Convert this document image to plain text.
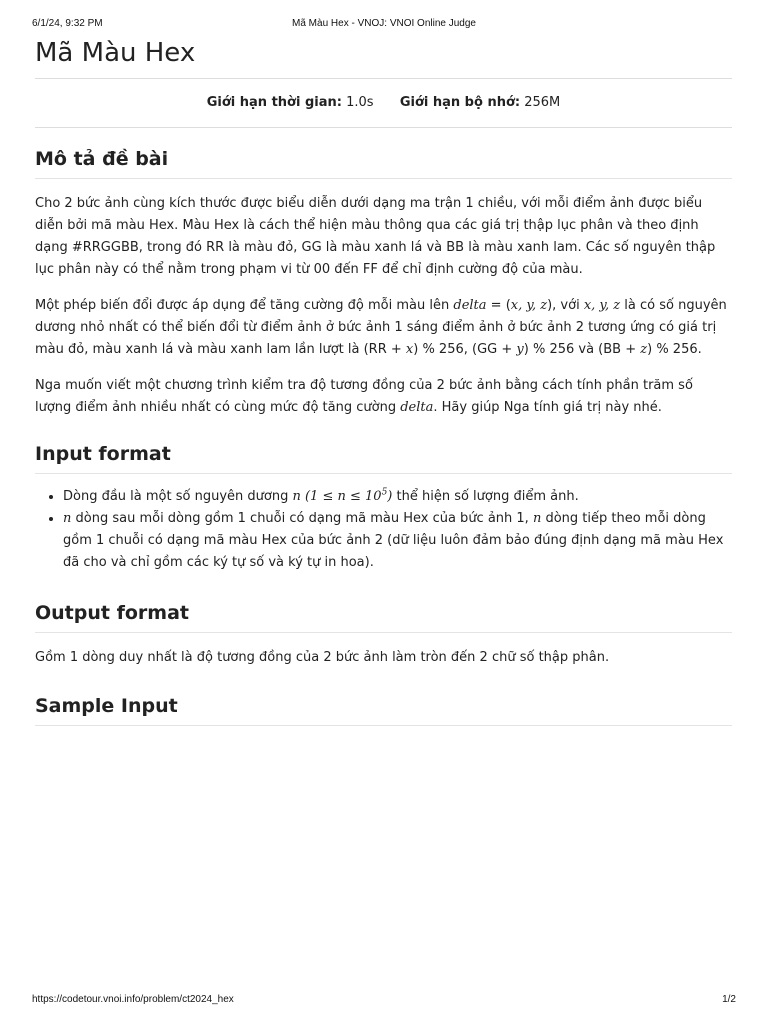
6/1/24, 9:32 PM	Mã Màu Hex - VNOJ: VNOI Online Judge
Mã Màu Hex
Giới hạn thời gian: 1.0s Giới hạn bộ nhớ: 256M
Mô tả đề bài

Cho 2 bức ảnh cùng kích thước được biểu diễn dưới dạng ma trận 1 chiều, với mỗi điểm ảnh được biểu diễn bởi mã màu Hex. Màu Hex là cách thể hiện màu thông qua các giá trị thập lục phân và theo định dạng #RRGGBB, trong đó RR là màu đỏ, GG là màu xanh lá và BB là màu xanh lam. Các số nguyên thập lục phân này có thể nằm trong phạm vi từ 00 đến FF để chỉ định cường độ của màu.

Một phép biến đổi được áp dụng để tăng cường độ mỗi màu lên delta = (x, y, z), với x, y, z là có số nguyên dương nhỏ nhất có thể biến đổi từ điểm ảnh ở bức ảnh 1 sáng điểm ảnh ở bức ảnh 2 tương ứng có giá trị màu đỏ, màu xanh lá và màu xanh lam lần lượt là (RR + x) % 256, (GG + y) % 256 và (BB + z) % 256.

Nga muốn viết một chương trình kiểm tra độ tương đồng của 2 bức ảnh bằng cách tính phần trăm số lượng điểm ảnh nhiều nhất có cùng mức độ tăng cường delta. Hãy giúp Nga tính giá trị này nhé.

Input format
• Dòng đầu là một số nguyên dương n $(1 \le n \le 10^5)$ thể hiện số lượng điểm ảnh.
• n dòng sau mỗi dòng gồm 1 chuỗi có dạng mã màu Hex của bức ảnh 1, n dòng tiếp theo mỗi dòng gồm 1 chuỗi có dạng mã màu Hex của bức ảnh 2 (dữ liệu luôn đảm bảo đúng định dạng mã màu Hex đã cho và chỉ gồm các ký tự số và ký tự in hoa).
Output format

Gồm 1 dòng duy nhất là độ tương đồng của 2 bức ảnh làm tròn đến 2 chữ số thập phân.

Sample Input
https://codetour.vnoi.info/problem/ct2024_hex	1/2
